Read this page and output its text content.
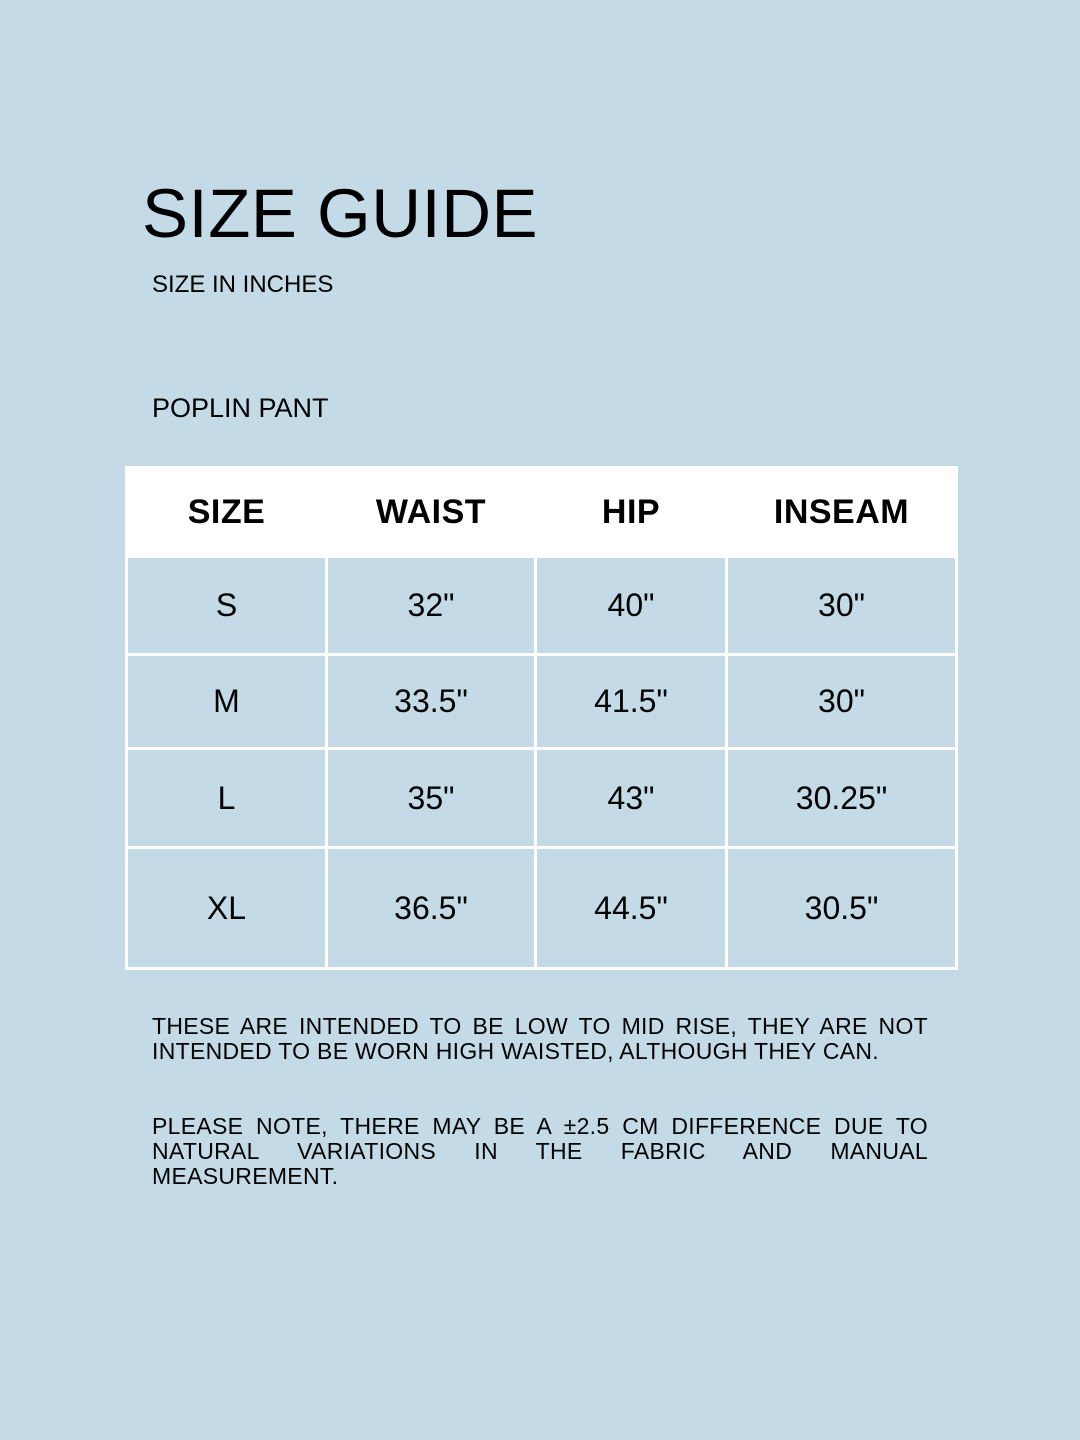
SIZE GUIDE
SIZE IN INCHES
POPLIN PANT
SIZE	WAIST	HIP	INSEAM
S	32"	40"	30"
M	33.5"	41.5"	30"
L	35"	43"	30.25"
XL	36.5"	44.5"	30.5"
THESE ARE INTENDED TO BE LOW TO MID RISE, THEY ARE NOT INTENDED TO BE WORN HIGH WAISTED, ALTHOUGH THEY CAN.
PLEASE NOTE, THERE MAY BE A ±2.5 CM DIFFERENCE DUE TO NATURAL VARIATIONS IN THE FABRIC AND MANUAL MEASUREMENT.
